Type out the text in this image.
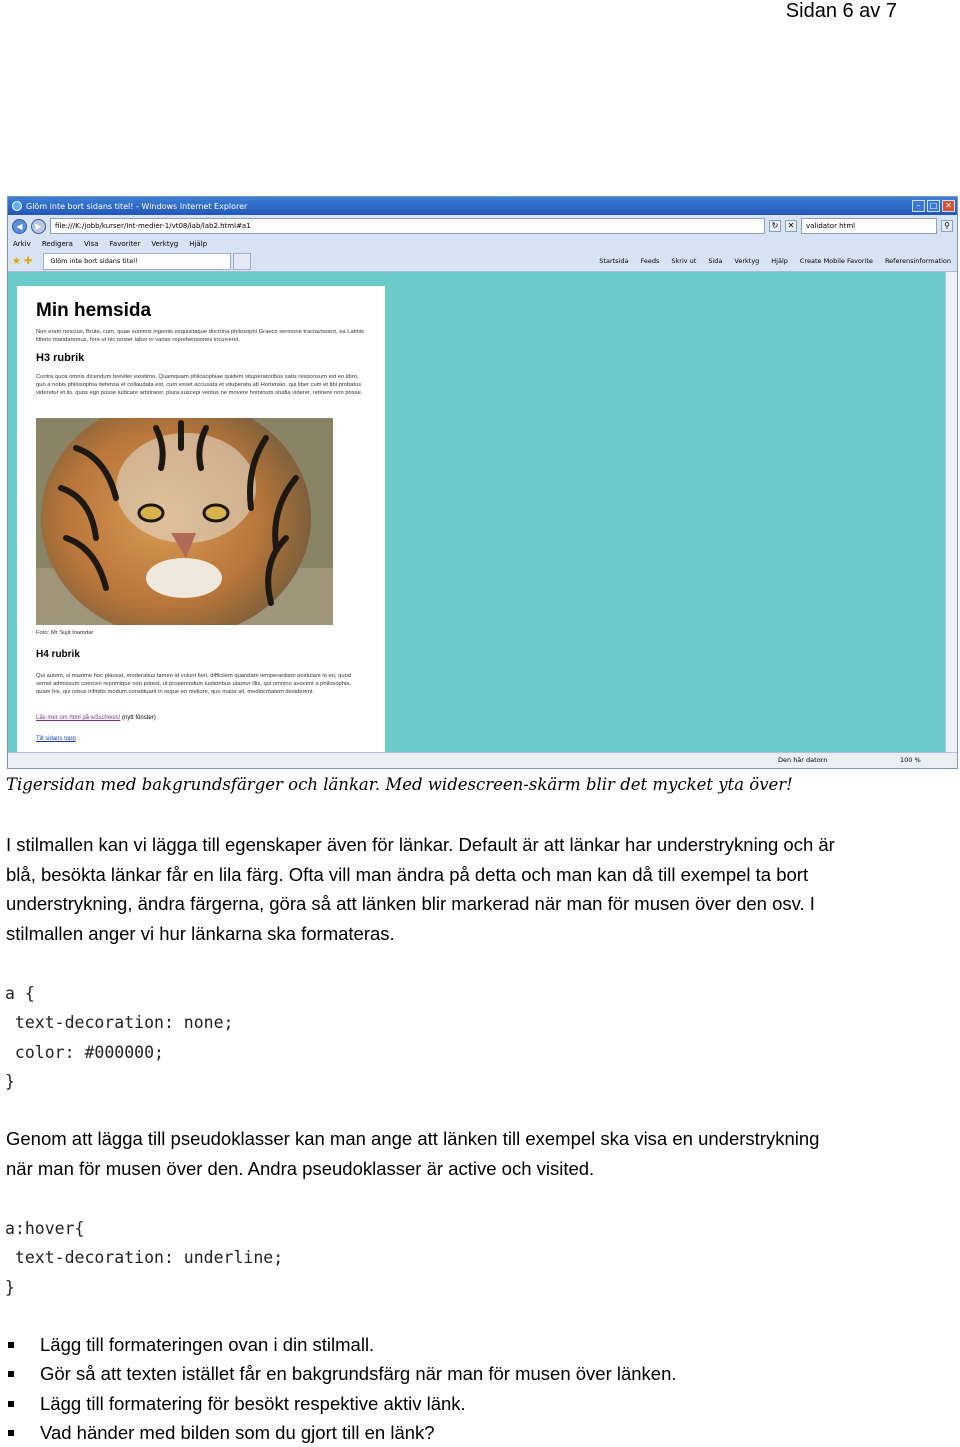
Sidan 6 av 7
Glöm inte bort sidans titel! - Windows Internet Explorer	–	□ ✕
◀	▶	file:///K:/jobb/kurser/Int-medier-1/vt08/lab/lab2.html#a1	↻	✕	validator html	⚲
Arkiv Redigera Visa Favoriter Verktyg Hjälp
★ ✚	Glöm inte bort sidans titel!	Startsida Feeds Skriv ut Sida Verktyg Hjälp Create Mobile Favorite Referensinformation
Min hemsida
Non eram nescius, Brute, cum, quae summis ingeniis exquisitaque doctrina philosophi Graeco sermone tractavissent, ea Latinis litteris mandaremus, fore ut hic noster labor in varias reprehensiones incurreret.
H3 rubrik
Contra quos omnis dicendum breviter existimo. Quamquam philosophiae quidem vituperatoribus satis responsum est eo libro, quo a nobis philosophia defensa et collaudata est, cum esset accusata et vituperata ab Hortensio. qui liber cum et tibi probatus videretur et iis, quos ego posse iudicare arbitrarer, plura suscepi veritus ne movere hominum studia viderer, retinere non posse.
Foto: Mr Sujit Inamdar
H4 rubrik
Qui autem, si maxime hoc placeat, moderatius tamen id volunt fieri, difficilem quandam temperantiam postulant in eo, quod semel admissum coerceri reprimique non potest, ut propemodum iustioribus utamur illis, qui omnino avocent a philosophia, quam his, qui rebus infinitis modum constituant in reque eo meliore, quo maior sit, mediocritatem desiderent.
Läs mer om html på w3schools! (nytt fönster)
Till sidans topp
Den här datorn	100 %
Tigersidan med bakgrundsfärger och länkar. Med widescreen-skärm blir det mycket yta över!
I stilmallen kan vi lägga till egenskaper även för länkar. Default är att länkar har understrykning och är
blå, besökta länkar får en lila färg. Ofta vill man ändra på detta och man kan då till exempel ta bort
understrykning, ändra färgerna, göra så att länken blir markerad när man för musen över den osv. I
stilmallen anger vi hur länkarna ska formateras.
a {
text-decoration: none;
color: #000000;
}
Genom att lägga till pseudoklasser kan man ange att länken till exempel ska visa en understrykning
när man för musen över den. Andra pseudoklasser är active och visited.
a:hover{
text-decoration: underline;
}
Lägg till formateringen ovan i din stilmall.
Gör så att texten istället får en bakgrundsfärg när man för musen över länken.
Lägg till formatering för besökt respektive aktiv länk.
Vad händer med bilden som du gjort till en länk?
